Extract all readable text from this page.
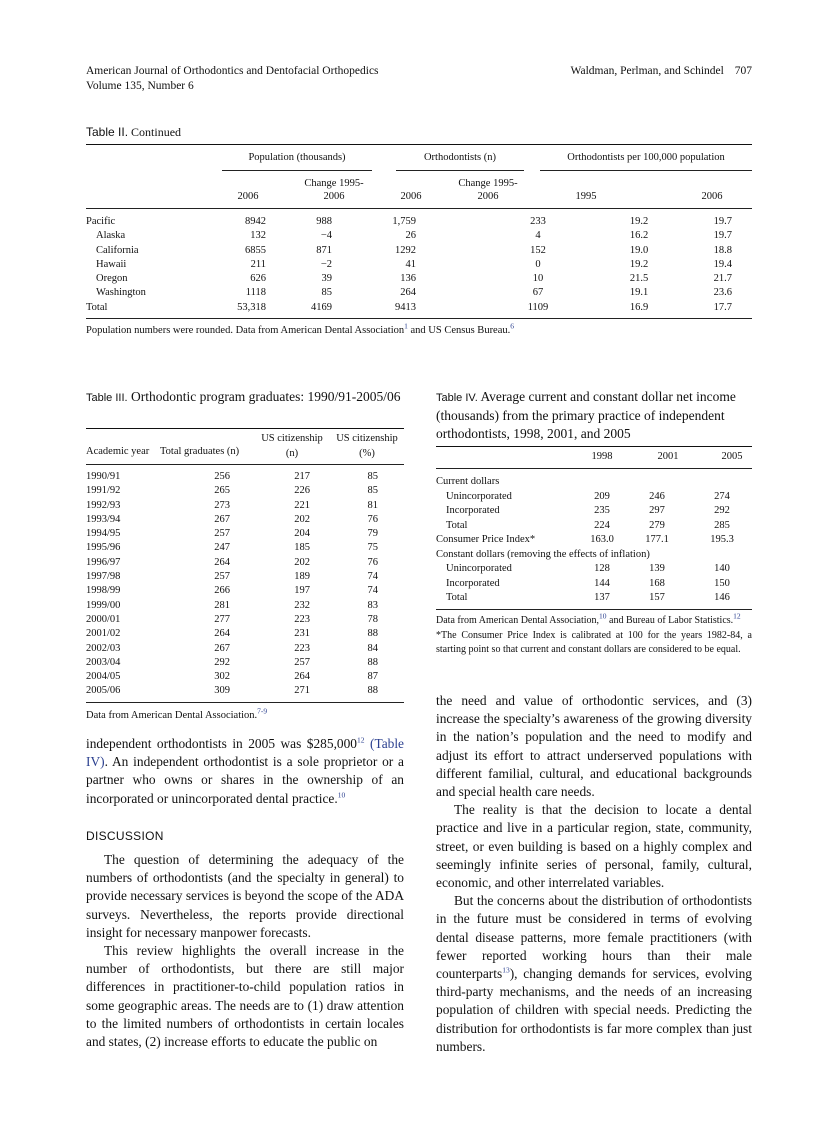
American Journal of Orthodontics and Dentofacial Orthopedics
Volume 135, Number 6
Waldman, Perlman, and Schindel 707
Table II. Continued
Population (thousands)	Orthodontists (n)	Orthodontists per 100,000 population
2006
Change 1995-2006	2006
Change 1995-2006	1995	2006
Pacific	8942	988	1,759		233	19.2	19.7
Alaska	132	−4	26		4	16.2	19.7
California	6855	871	1292		152	19.0	18.8
Hawaii	211	−2	41		0	19.2	19.4
Oregon	626	39	136		10	21.5	21.7
Washington	1118	85	264		67	19.1	23.6
Total	53,318	4169	9413		1109	16.9	17.7
Population numbers were rounded. Data from American Dental Association$^1$ and US Census Bureau.$^6$
Table III. Orthodontic program graduates: 1990/91-2005/06
Academic year Total graduates (n)
US citizenship (n)
US citizenship (%)
1990/91	256	217	85
1991/92	265	226	85
1992/93	273	221	81
1993/94	267	202	76
1994/95	257	204	79
1995/96	247	185	75
1996/97	264	202	76
1997/98	257	189	74
1998/99	266	197	74
1999/00	281	232	83
2000/01	277	223	78
2001/02	264	231	88
2002/03	267	223	84
2003/04	292	257	88
2004/05	302	264	87
2005/06	309	271	88
Data from American Dental Association.$^{7-9}$
Table IV. Average current and constant dollar net income (thousands) from the primary practice of independent orthodontists, 1998, 2001, and 2005
1998	2001	2005
Current dollars			
Unincorporated	209	246	274
Incorporated	235	297	292
Total	224	279	285
Consumer Price Index*	163.0	177.1	195.3
Constant dollars (removing the effects of inflation)			
Unincorporated	128	139	140
Incorporated	144	168	150
Total	137	157	146
Data from American Dental Association,$^{10}$ and Bureau of Labor Statistics.$^{12}$
*The Consumer Price Index is calibrated at 100 for the years 1982-84, a starting point so that current and constant dollars are considered to be equal.

independent orthodontists in 2005 was $285,000$^{12}$ (Table IV). An independent orthodontist is a sole proprietor or a partner who owns or shares in the ownership of an incorporated or unincorporated dental practice.$^{10}$

DISCUSSION

The question of determining the adequacy of the numbers of orthodontists (and the specialty in general) to provide necessary services is beyond the scope of the ADA surveys. Nevertheless, the reports provide directional insight for necessary manpower forecasts.

This review highlights the overall increase in the number of orthodontists, but there are still major differences in practitioner-to-child population ratios in some geographic areas. The needs are to (1) draw attention to the limited numbers of orthodontists in certain locales and states, (2) increase efforts to educate the public on

the need and value of orthodontic services, and (3) increase the specialty’s awareness of the growing diversity in the nation’s population and the need to modify and adjust its effort to attract underserved populations with different familial, cultural, and educational backgrounds and special health care needs.

The reality is that the decision to locate a dental practice and live in a particular region, state, community, street, or even building is based on a highly complex and seemingly infinite series of personal, family, cultural, economic, and other interrelated variables.

But the concerns about the distribution of orthodontists in the future must be considered in terms of evolving dental disease patterns, more female practitioners (with fewer reported working hours than their male counterparts$^{13}$), changing demands for services, evolving third-party mechanisms, and the needs of an increasing population of children with special needs. Predicting the distribution for orthodontists is far more complex than just numbers.
